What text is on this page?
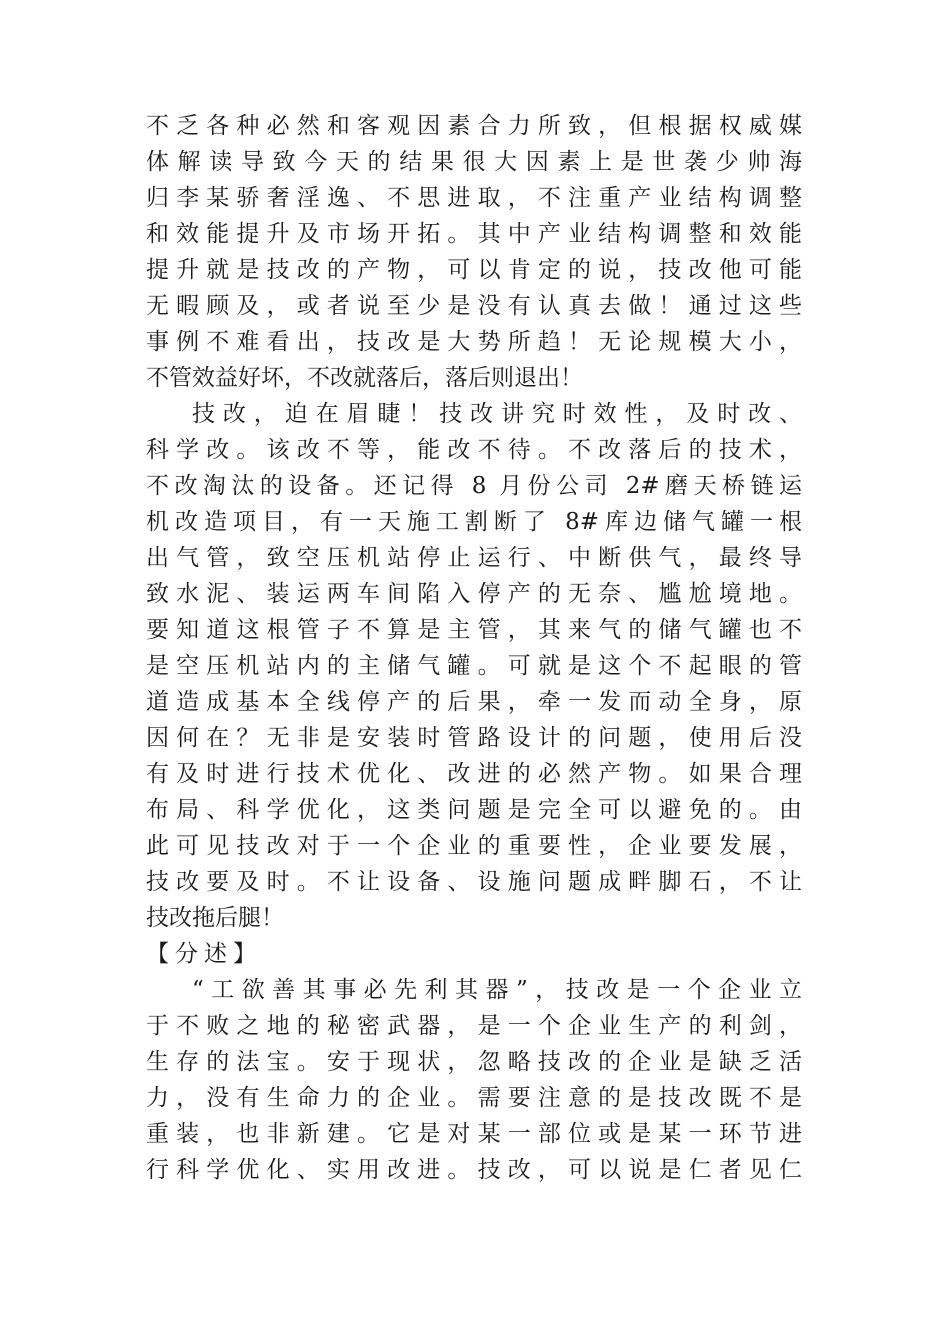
不乏各种必然和客观因素合力所致，但根据权威媒
体解读导致今天的结果很大因素上是世袭少帅海
归李某骄奢淫逸、不思进取，不注重产业结构调整
和效能提升及市场开拓。其中产业结构调整和效能
提升就是技改的产物，可以肯定的说，技改他可能
无暇顾及，或者说至少是没有认真去做！通过这些
事例不难看出，技改是大势所趋！无论规模大小，
不管效益好坏，不改就落后，落后则退出！
技改，迫在眉睫！技改讲究时效性，及时改、
科学改。该改不等，能改不待。不改落后的技术，
不改淘汰的设备。还记得 8 月份公司 2#磨天桥链运
机改造项目，有一天施工割断了 8#库边储气罐一根
出气管，致空压机站停止运行、中断供气，最终导
致水泥、装运两车间陷入停产的无奈、尴尬境地。
要知道这根管子不算是主管，其来气的储气罐也不
是空压机站内的主储气罐。可就是这个不起眼的管
道造成基本全线停产的后果，牵一发而动全身，原
因何在？无非是安装时管路设计的问题，使用后没
有及时进行技术优化、改进的必然产物。如果合理
布局、科学优化，这类问题是完全可以避免的。由
此可见技改对于一个企业的重要性，企业要发展，
技改要及时。不让设备、设施问题成畔脚石，不让
技改拖后腿！
【分述】
“工欲善其事必先利其器”，技改是一个企业立
于不败之地的秘密武器，是一个企业生产的利剑，
生存的法宝。安于现状，忽略技改的企业是缺乏活
力，没有生命力的企业。需要注意的是技改既不是
重装，也非新建。它是对某一部位或是某一环节进
行科学优化、实用改进。技改，可以说是仁者见仁
